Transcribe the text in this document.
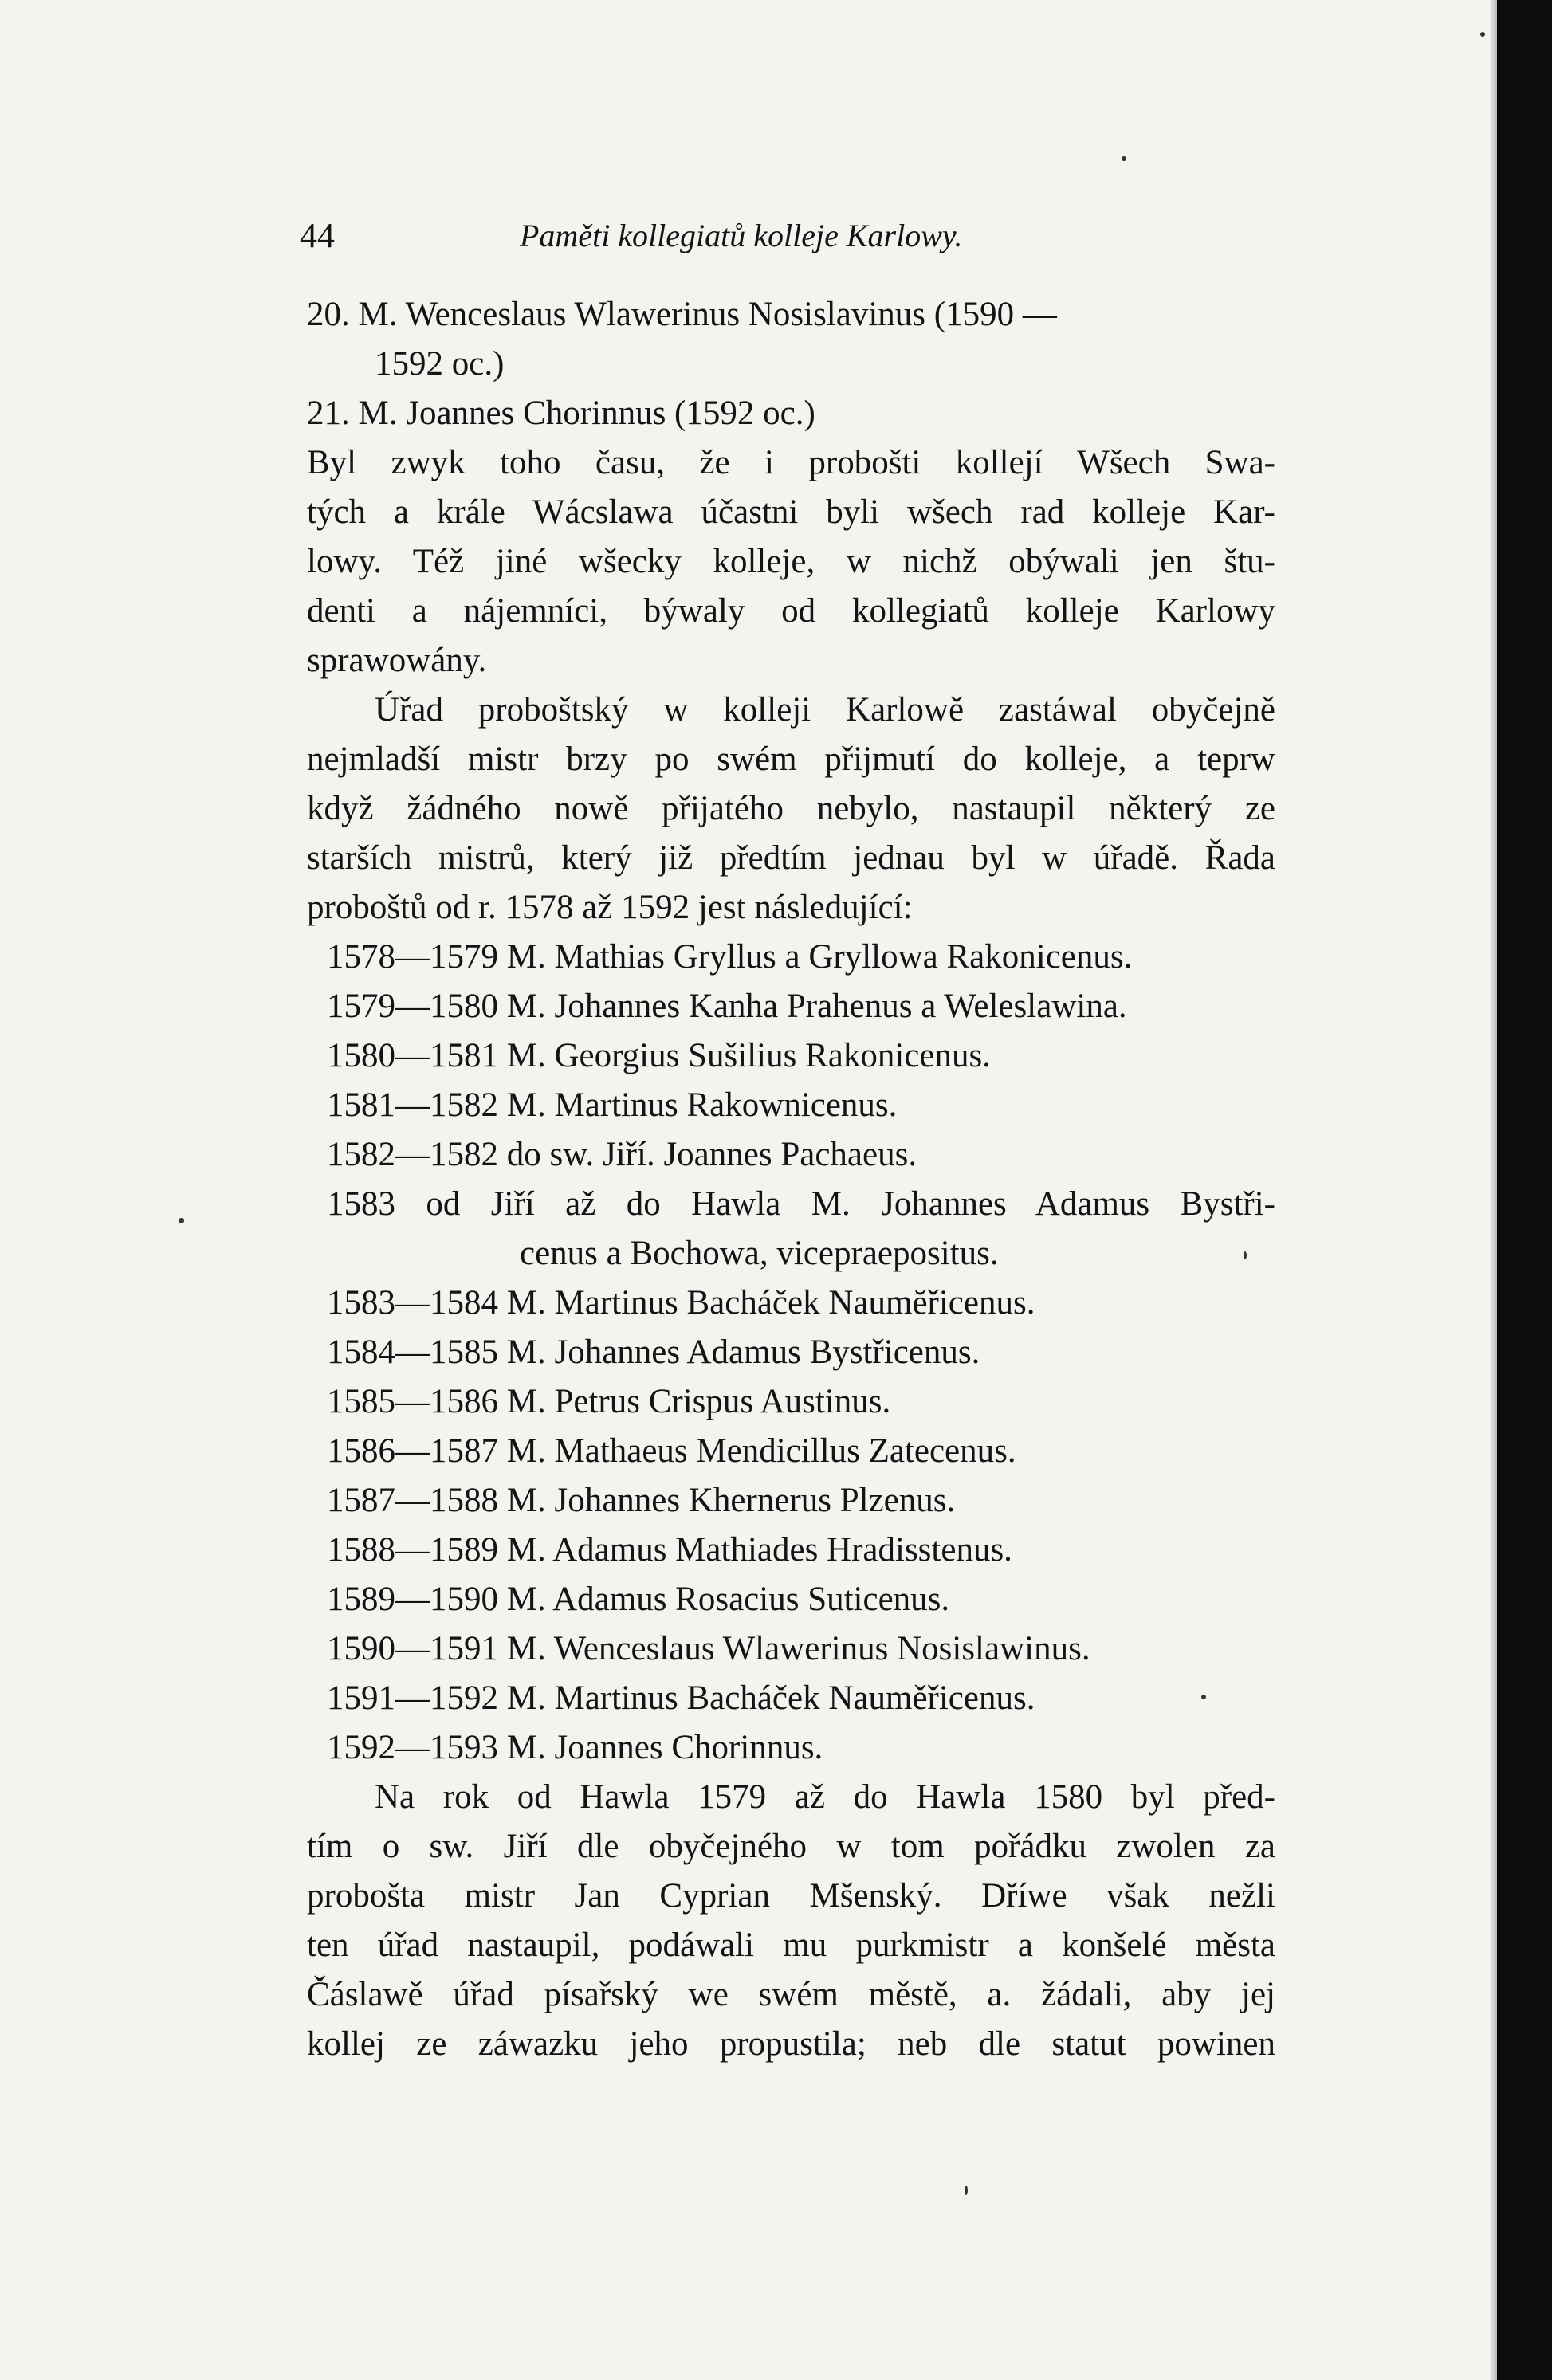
44	Paměti kollegiatů kolleje Karlowy.
20. M. Wenceslaus Wlawerinus Nosislavinus (1590 —
1592 oc.)
21. M. Joannes Chorinnus (1592 oc.)
Byl zwyk toho času, že i probošti kollejí Wšech Swa-
tých a krále Wácslawa účastni byli wšech rad kolleje Kar-
lowy. Též jiné wšecky kolleje, w nichž obýwali jen štu-
denti a nájemníci, býwaly od kollegiatů kolleje Karlowy
sprawowány.
Úřad proboštský w kolleji Karlowě zastáwal obyčejně
nejmladší mistr brzy po swém přijmutí do kolleje, a teprw
když žádného nowě přijatého nebylo, nastaupil některý ze
starších mistrů, který již předtím jednau byl w úřadě. Řada
proboštů od r. 1578 až 1592 jest následující:
1578—1579 M. Mathias Gryllus a Gryllowa Rakonicenus.
1579—1580 M. Johannes Kanha Prahenus a Weleslawina.
1580—1581 M. Georgius Sušilius Rakonicenus.
1581—1582 M. Martinus Rakownicenus.
1582—1582 do sw. Jiří. Joannes Pachaeus.
1583 od Jiří až do Hawla M. Johannes Adamus Bystři-
cenus a Bochowa, vicepraepositus.
1583—1584 M. Martinus Bacháček Naumĕřicenus.
1584—1585 M. Johannes Adamus Bystřicenus.
1585—1586 M. Petrus Crispus Austinus.
1586—1587 M. Mathaeus Mendicillus Zatecenus.
1587—1588 M. Johannes Khernerus Plzenus.
1588—1589 M. Adamus Mathiades Hradisstenus.
1589—1590 M. Adamus Rosacius Suticenus.
1590—1591 M. Wenceslaus Wlawerinus Nosislawinus.
1591—1592 M. Martinus Bacháček Nauměřicenus.
1592—1593 M. Joannes Chorinnus.
Na rok od Hawla 1579 až do Hawla 1580 byl před-
tím o sw. Jiří dle obyčejného w tom pořádku zwolen za
probošta mistr Jan Cyprian Mšenský. Dříwe však nežli
ten úřad nastaupil, podáwali mu purkmistr a konšelé města
Čáslawě úřad písařský we swém městě, a. žádali, aby jej
kollej ze záwazku jeho propustila; neb dle statut powinen
